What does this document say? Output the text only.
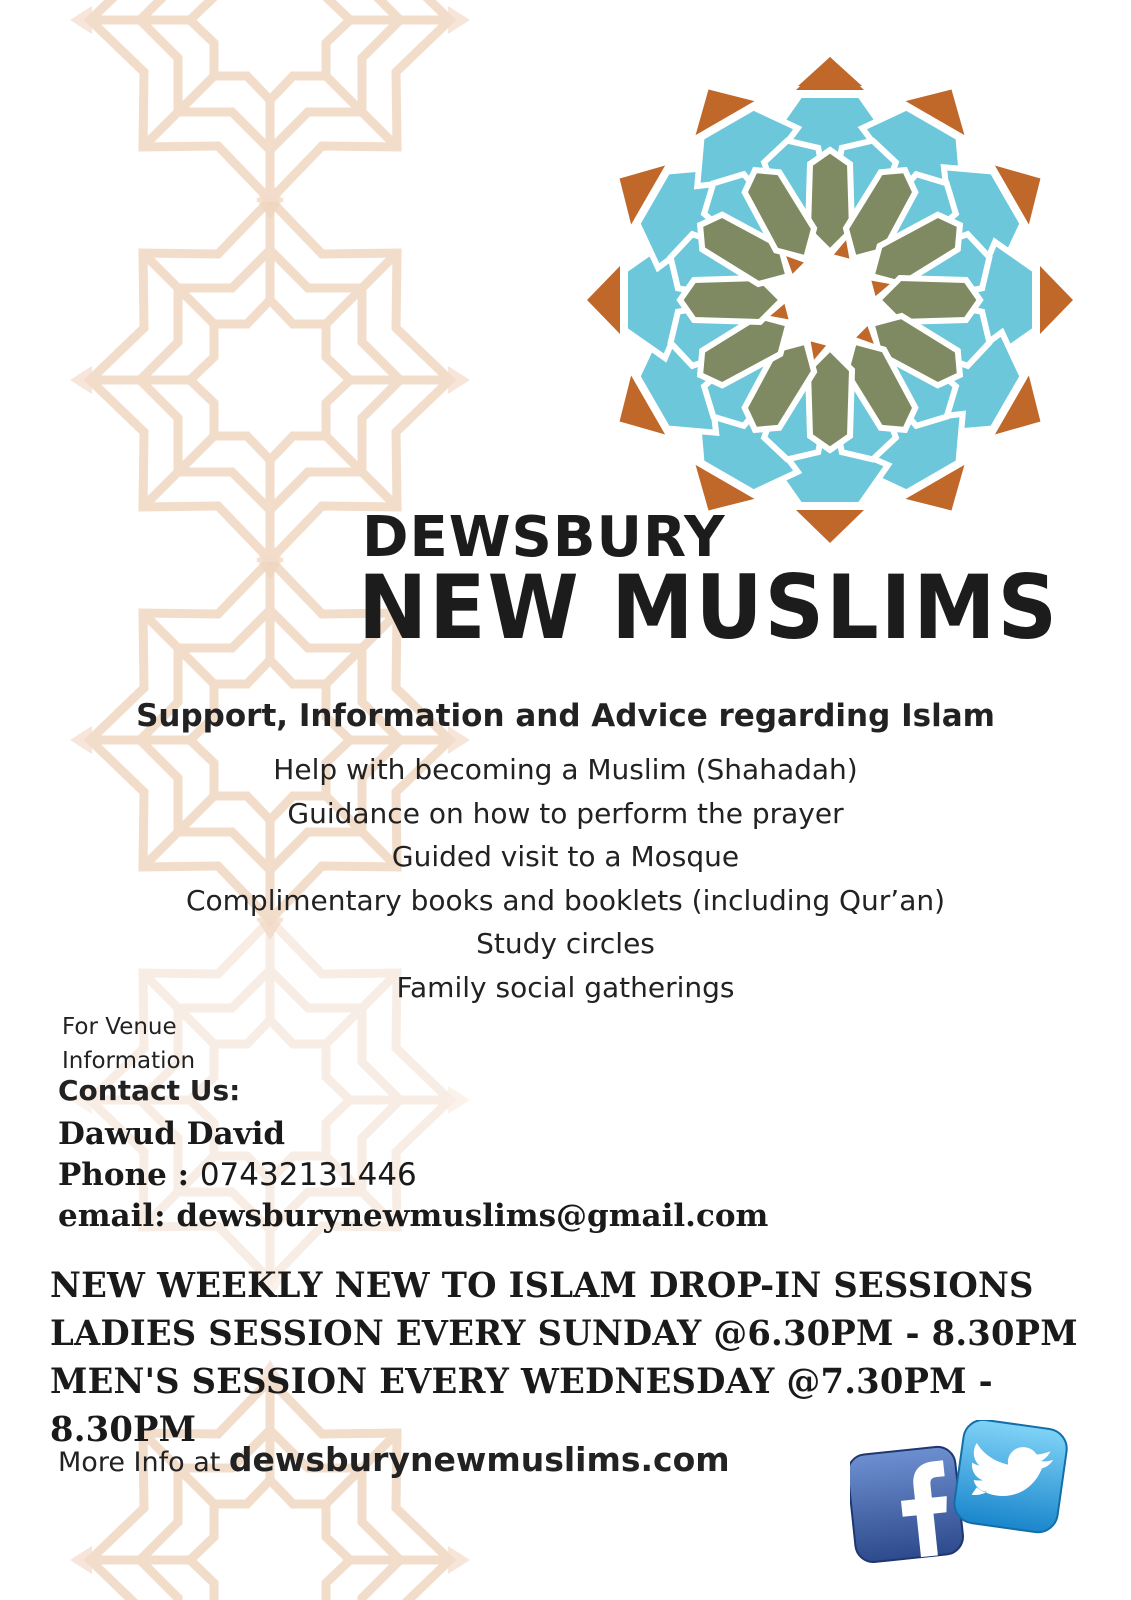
DEWSBURY
NEW MUSLIMS
Support, Information and Advice regarding Islam
Help with becoming a Muslim (Shahadah)
Guidance on how to perform the prayer
Guided visit to a Mosque
Complimentary books and booklets (including Qur’an)
Study circles
Family social gatherings
For Venue
Information
Contact Us:
Dawud David
Phone : 07432131446
email: dewsburynewmuslims@gmail.com
NEW WEEKLY NEW TO ISLAM DROP-IN SESSIONS
LADIES SESSION EVERY SUNDAY @6.30PM - 8.30PM
MEN'S SESSION EVERY WEDNESDAY @7.30PM - 8.30PM
More Info at dewsburynewmuslims.com
